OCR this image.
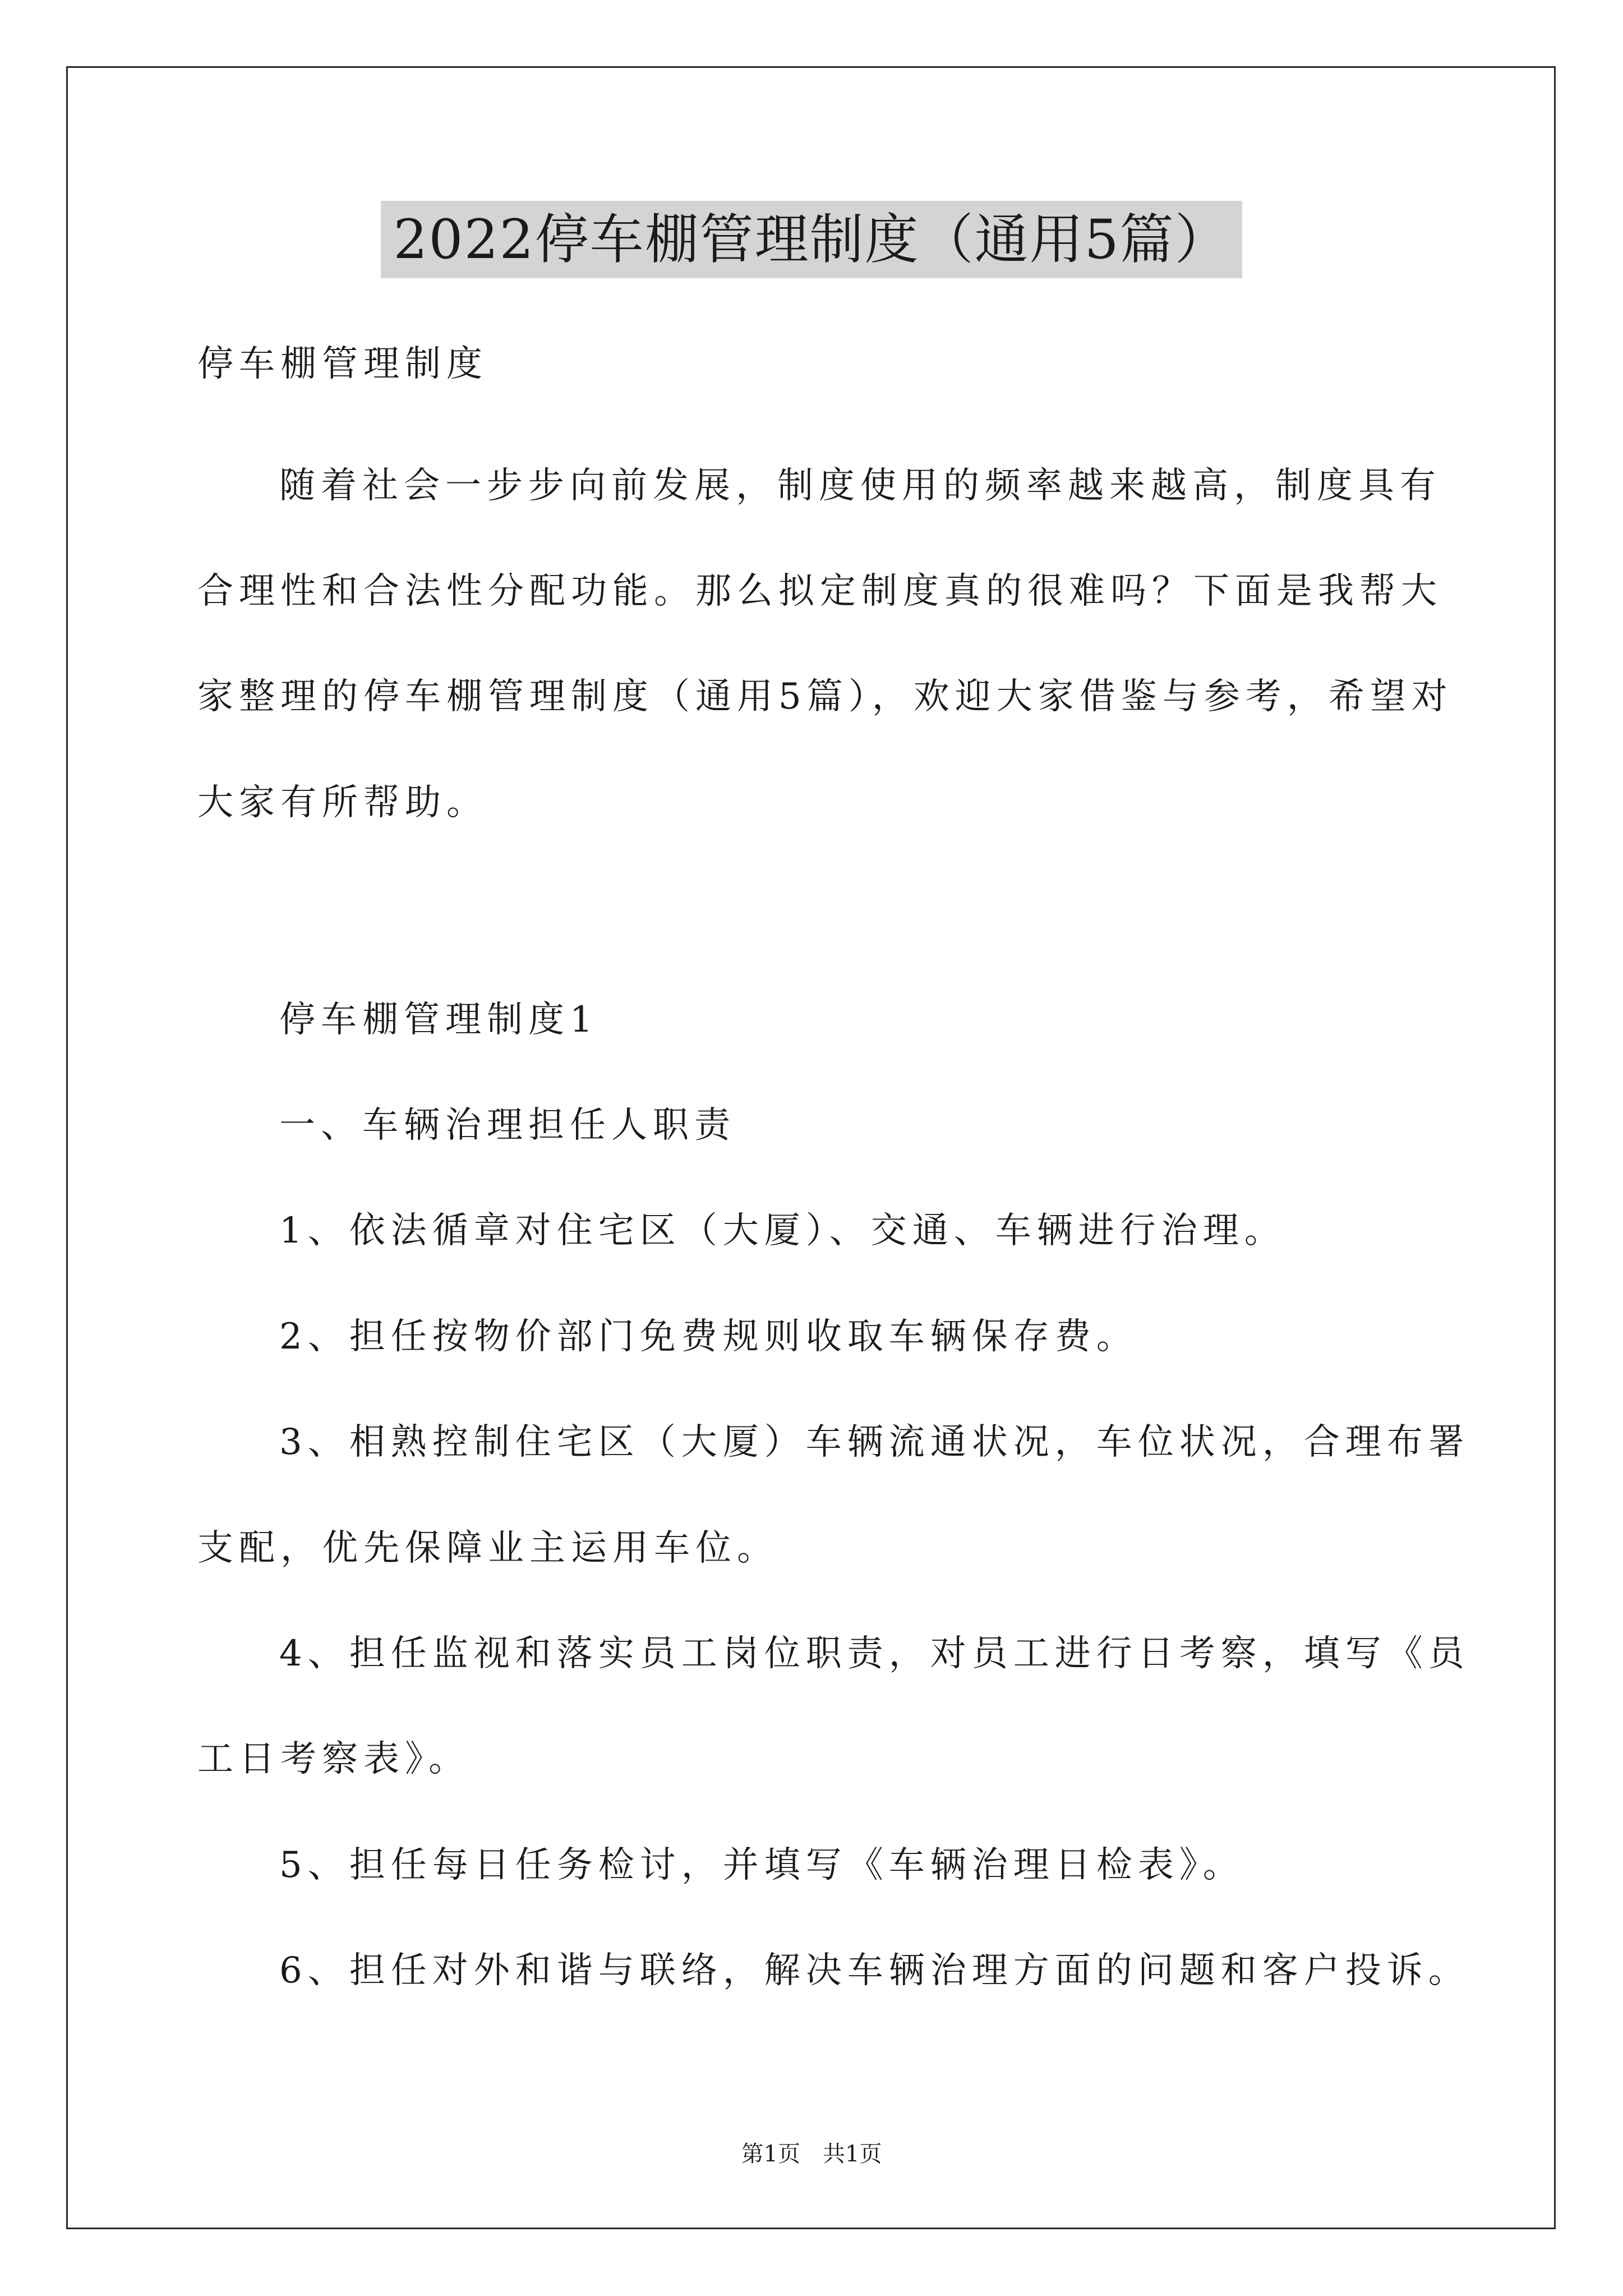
2022停车棚管理制度（通用5篇）
停车棚管理制度
随着社会一步步向前发展，制度使用的频率越来越高，制度具有
合理性和合法性分配功能。那么拟定制度真的很难吗？下面是我帮大
家整理的停车棚管理制度（通用5篇），欢迎大家借鉴与参考，希望对
大家有所帮助。
停车棚管理制度1
一、车辆治理担任人职责
1、依法循章对住宅区（大厦）、交通、车辆进行治理。
2、担任按物价部门免费规则收取车辆保存费。
3、相熟控制住宅区（大厦）车辆流通状况，车位状况，合理布署
支配，优先保障业主运用车位。
4、担任监视和落实员工岗位职责，对员工进行日考察，填写《员
工日考察表》。
5、担任每日任务检讨，并填写《车辆治理日检表》。
6、担任对外和谐与联络，解决车辆治理方面的问题和客户投诉。
第1页　共1页
